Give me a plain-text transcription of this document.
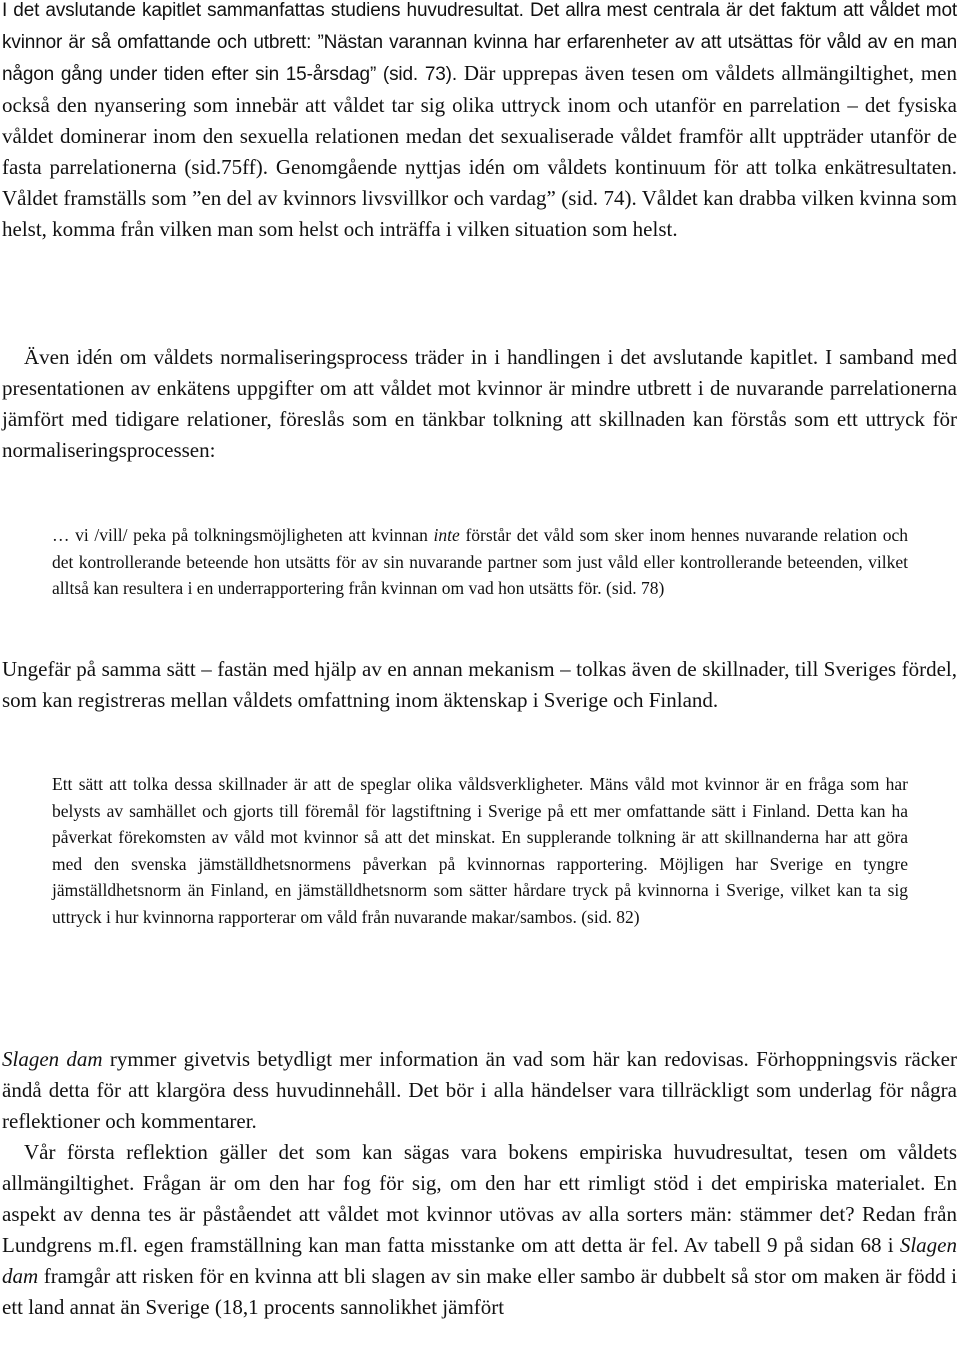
I det avslutande kapitlet sammanfattas studiens huvudresultat. Det allra mest centrala är det faktum att våldet mot kvinnor är så omfattande och utbrett: ”Nästan varannan kvinna har erfarenheter av att utsättas för våld av en man någon gång under tiden efter sin 15-årsdag” (sid. 73). Där upprepas även tesen om våldets allmängiltighet, men också den nyansering som innebär att våldet tar sig olika uttryck inom och utanför en parrelation – det fysiska våldet dominerar inom den sexuella relationen medan det sexualiserade våldet framför allt uppträder utanför de fasta parrelationerna (sid.75ff). Genomgående nyttjas idén om våldets kontinuum för att tolka enkätresultaten. Våldet framställs som ”en del av kvinnors livsvillkor och vardag” (sid. 74). Våldet kan drabba vilken kvinna som helst, komma från vilken man som helst och inträffa i vilken situation som helst.

Även idén om våldets normaliseringsprocess träder in i handlingen i det avslutande kapitlet. I samband med presentationen av enkätens uppgifter om att våldet mot kvinnor är mindre utbrett i de nuvarande parrelationerna jämfört med tidigare relationer, föreslås som en tänkbar tolkning att skillnaden kan förstås som ett uttryck för normaliseringsprocessen:

… vi /vill/ peka på tolkningsmöjligheten att kvinnan inte förstår det våld som sker inom hennes nuvarande relation och det kontrollerande beteende hon utsätts för av sin nuvarande partner som just våld eller kontrollerande beteenden, vilket alltså kan resultera i en underrapportering från kvinnan om vad hon utsätts för. (sid. 78)

Ungefär på samma sätt – fastän med hjälp av en annan mekanism – tolkas även de skillnader, till Sveriges fördel, som kan registreras mellan våldets omfattning inom äktenskap i Sverige och Finland.

Ett sätt att tolka dessa skillnader är att de speglar olika våldsverkligheter. Mäns våld mot kvinnor är en fråga som har belysts av samhället och gjorts till föremål för lagstiftning i Sverige på ett mer omfattande sätt i Finland. Detta kan ha påverkat förekomsten av våld mot kvinnor så att det minskat. En supplerande tolkning är att skillnanderna har att göra med den svenska jämställdhetsnormens påverkan på kvinnornas rapportering. Möjligen har Sverige en tyngre jämställdhetsnorm än Finland, en jämställdhetsnorm som sätter hårdare tryck på kvinnorna i Sverige, vilket kan ta sig uttryck i hur kvinnorna rapporterar om våld från nuvarande makar/sambos. (sid. 82)

Slagen dam rymmer givetvis betydligt mer information än vad som här kan redovisas. Förhoppningsvis räcker ändå detta för att klargöra dess huvudinnehåll. Det bör i alla händelser vara tillräckligt som underlag för några reflektioner och kommentarer.

Vår första reflektion gäller det som kan sägas vara bokens empiriska huvudresultat, tesen om våldets allmängiltighet. Frågan är om den har fog för sig, om den har ett rimligt stöd i det empiriska materialet. En aspekt av denna tes är påståendet att våldet mot kvinnor utövas av alla sorters män: stämmer det? Redan från Lundgrens m.fl. egen framställning kan man fatta misstanke om att detta är fel. Av tabell 9 på sidan 68 i Slagen dam framgår att risken för en kvinna att bli slagen av sin make eller sambo är dubbelt så stor om maken är född i ett land annat än Sverige (18,1 procents sannolikhet jämfört
